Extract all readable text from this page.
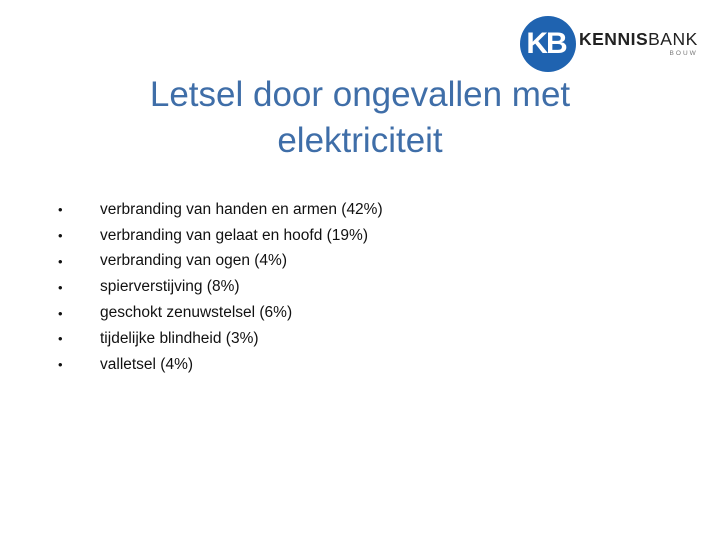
KB KENNISBANK
BOUW
Letsel door ongevallen met
elektriciteit
•	verbranding van handen en armen (42%)
•	verbranding van gelaat en hoofd (19%)
•	verbranding van ogen (4%)
•	spierverstijving (8%)
•	geschokt zenuwstelsel (6%)
•	tijdelijke blindheid (3%)
•	valletsel (4%)
